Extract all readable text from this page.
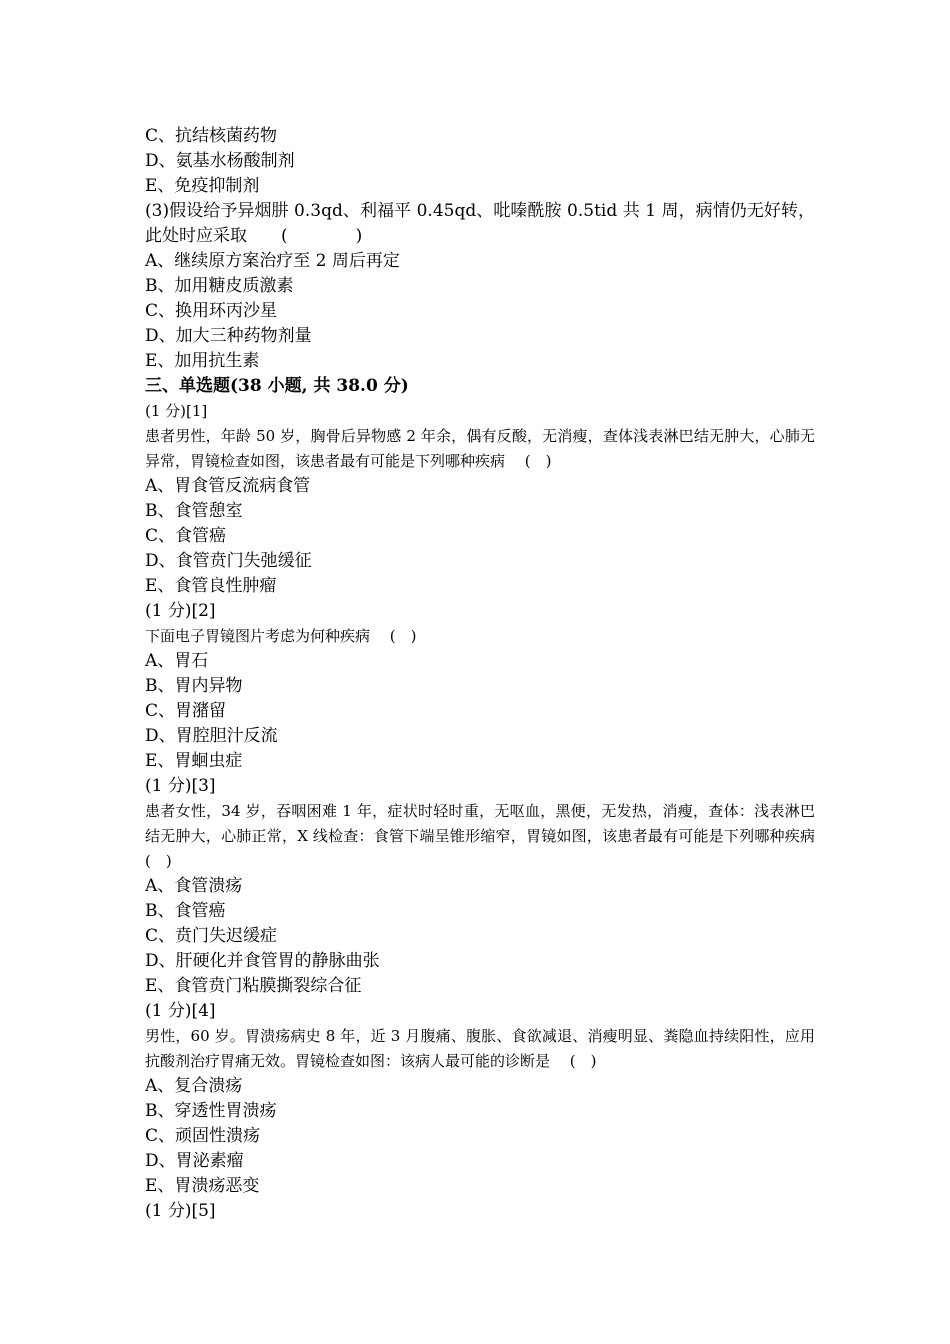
C、抗结核菌药物
D、氨基水杨酸制剂
E、免疫抑制剂
(3)假设给予异烟肼 0.3qd、利福平 0.45qd、吡嗪酰胺 0.5tid 共 1 周，病情仍无好转，此处时应采取　　(　　　　)
A、继续原方案治疗至 2 周后再定
B、加用糖皮质激素
C、换用环丙沙星
D、加大三种药物剂量
E、加用抗生素
三、单选题(38 小题, 共 38.0 分)
(1 分)[1]
患者男性，年龄 50 岁，胸骨后异物感 2 年余，偶有反酸，无消瘦，查体浅表淋巴结无肿大，心肺无异常，胃镜检查如图，该患者最有可能是下列哪种疾病　 (　)
A、胃食管反流病食管
B、食管憩室
C、食管癌
D、食管贲门失弛缓征
E、食管良性肿瘤
(1 分)[2]
下面电子胃镜图片考虑为何种疾病　 (　)
A、胃石
B、胃内异物
C、胃潴留
D、胃腔胆汁反流
E、胃蛔虫症
(1 分)[3]
患者女性，34 岁，吞咽困难 1 年，症状时轻时重，无呕血，黑便，无发热，消瘦，查体：浅表淋巴结无肿大，心肺正常，X 线检查：食管下端呈锥形缩窄，胃镜如图，该患者最有可能是下列哪种疾病　 (　)
A、食管溃疡
B、食管癌
C、贲门失迟缓症
D、肝硬化并食管胃的静脉曲张
E、食管贲门粘膜撕裂综合征
(1 分)[4]
男性，60 岁。胃溃疡病史 8 年，近 3 月腹痛、腹胀、食欲减退、消瘦明显、粪隐血持续阳性，应用抗酸剂治疗胃痛无效。胃镜检查如图：该病人最可能的诊断是　 (　)
A、复合溃疡
B、穿透性胃溃疡
C、顽固性溃疡
D、胃泌素瘤
E、胃溃疡恶变
(1 分)[5]
